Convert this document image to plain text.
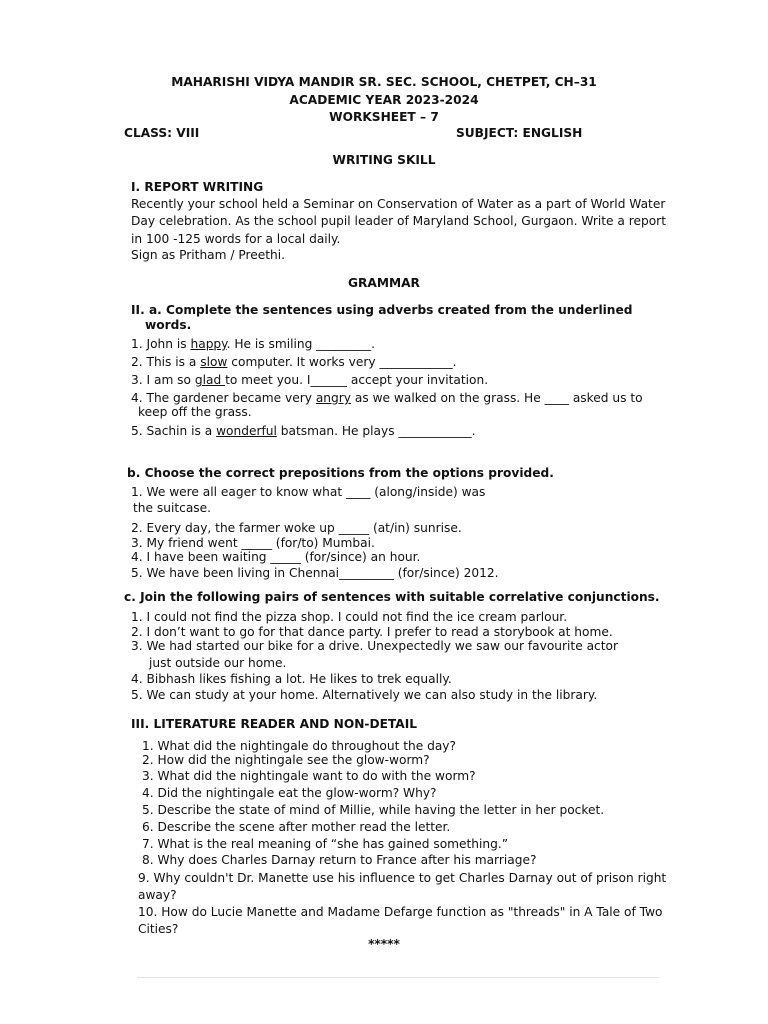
MAHARISHI VIDYA MANDIR SR. SEC. SCHOOL, CHETPET, CH–31
ACADEMIC YEAR 2023-2024
WORKSHEET – 7
CLASS: VIII	SUBJECT: ENGLISH
WRITING SKILL
I. REPORT WRITING
Recently your school held a Seminar on Conservation of Water as a part of World Water
Day celebration. As the school pupil leader of Maryland School, Gurgaon. Write a report
in 100 -125 words for a local daily.
Sign as Pritham / Preethi.
GRAMMAR
II. a. Complete the sentences using adverbs created from the underlined
words.
1. John is happy. He is smiling _________.
2. This is a slow computer. It works very ____________.
3. I am so glad to meet you. I______ accept your invitation.
4. The gardener became very angry as we walked on the grass. He ____ asked us to
keep off the grass.
5. Sachin is a wonderful batsman. He plays ____________.
b. Choose the correct prepositions from the options provided.
1. We were all eager to know what ____ (along/inside) was
the suitcase.
2. Every day, the farmer woke up _____ (at/in) sunrise.
3. My friend went _____ (for/to) Mumbai.
4. I have been waiting _____ (for/since) an hour.
5. We have been living in Chennai_________ (for/since) 2012.
c. Join the following pairs of sentences with suitable correlative conjunctions.
1. I could not find the pizza shop. I could not find the ice cream parlour.
2. I don’t want to go for that dance party. I prefer to read a storybook at home.
3. We had started our bike for a drive. Unexpectedly we saw our favourite actor
just outside our home.
4. Bibhash likes fishing a lot. He likes to trek equally.
5. We can study at your home. Alternatively we can also study in the library.
III. LITERATURE READER AND NON-DETAIL
1. What did the nightingale do throughout the day?
2. How did the nightingale see the glow-worm?
3. What did the nightingale want to do with the worm?
4. Did the nightingale eat the glow-worm? Why?
5. Describe the state of mind of Millie, while having the letter in her pocket.
6. Describe the scene after mother read the letter.
7. What is the real meaning of “she has gained something.”
8. Why does Charles Darnay return to France after his marriage?
9. Why couldn't Dr. Manette use his influence to get Charles Darnay out of prison right
away?
10. How do Lucie Manette and Madame Defarge function as "threads" in A Tale of Two
Cities?
*****
